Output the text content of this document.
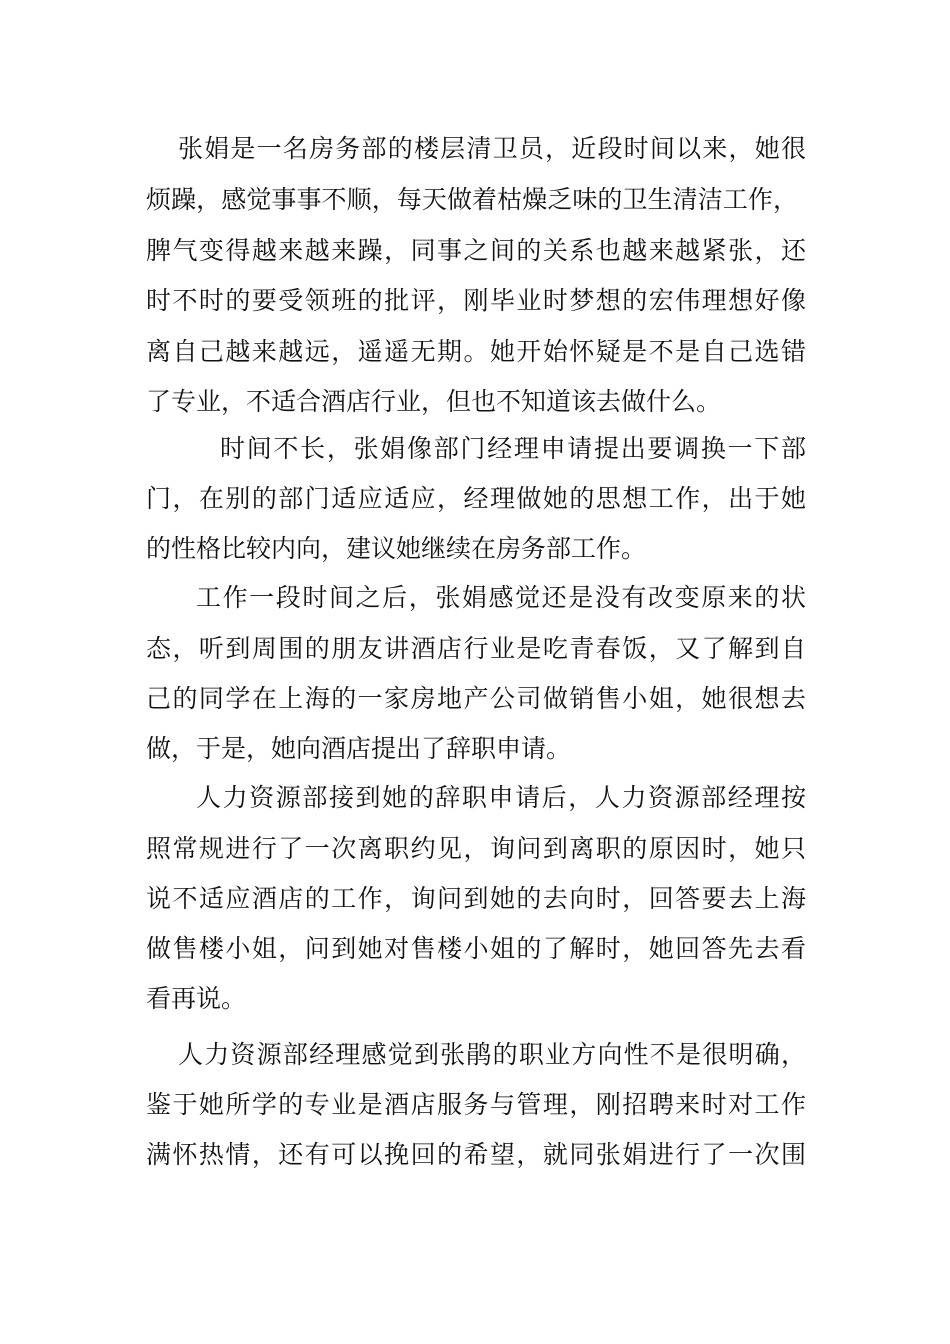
张娟是一名房务部的楼层清卫员，近段时间以来，她很
烦躁，感觉事事不顺，每天做着枯燥乏味的卫生清洁工作，
脾气变得越来越来躁，同事之间的关系也越来越紧张，还
时不时的要受领班的批评，刚毕业时梦想的宏伟理想好像
离自己越来越远，遥遥无期。她开始怀疑是不是自己选错
了专业，不适合酒店行业，但也不知道该去做什么。
时间不长，张娟像部门经理申请提出要调换一下部
门，在别的部门适应适应，经理做她的思想工作，出于她
的性格比较内向，建议她继续在房务部工作。
工作一段时间之后，张娟感觉还是没有改变原来的状
态，听到周围的朋友讲酒店行业是吃青春饭，又了解到自
己的同学在上海的一家房地产公司做销售小姐，她很想去
做，于是，她向酒店提出了辞职申请。
人力资源部接到她的辞职申请后，人力资源部经理按
照常规进行了一次离职约见，询问到离职的原因时，她只
说不适应酒店的工作，询问到她的去向时，回答要去上海
做售楼小姐，问到她对售楼小姐的了解时，她回答先去看
看再说。
人力资源部经理感觉到张鹃的职业方向性不是很明确，
鉴于她所学的专业是酒店服务与管理，刚招聘来时对工作
满怀热情，还有可以挽回的希望，就同张娟进行了一次围
